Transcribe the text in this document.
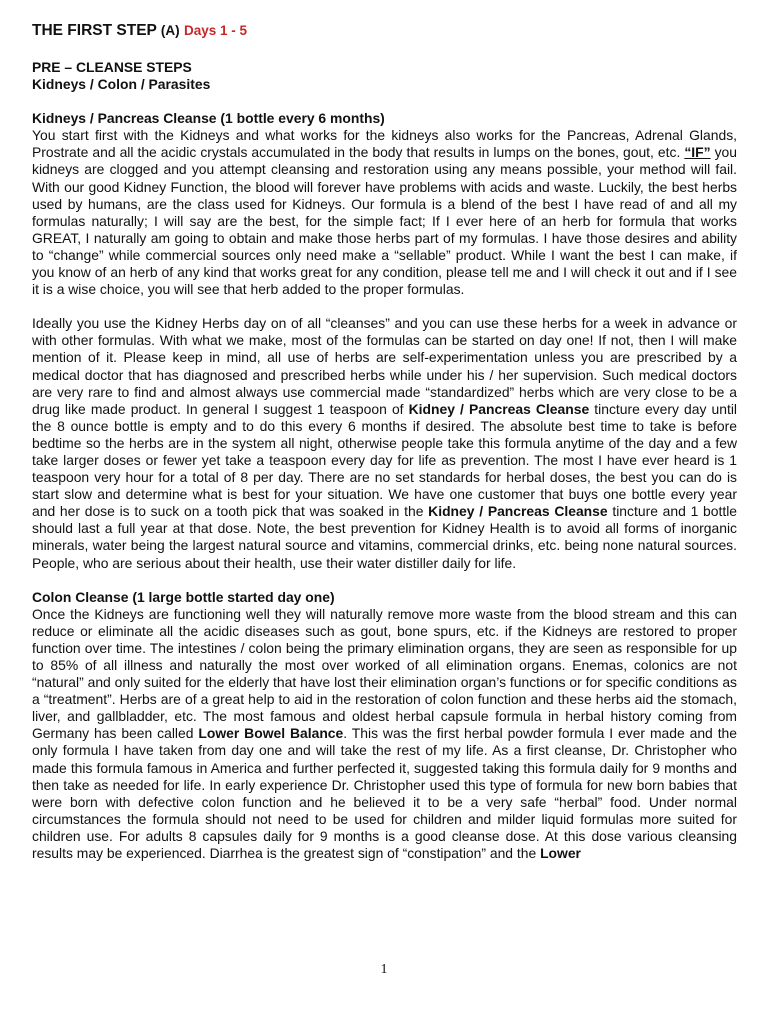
THE FIRST STEP (A) Days 1 - 5
PRE – CLEANSE STEPS
Kidneys / Colon / Parasites
Kidneys / Pancreas Cleanse (1 bottle every 6 months)

You start first with the Kidneys and what works for the kidneys also works for the Pancreas, Adrenal Glands, Prostrate and all the acidic crystals accumulated in the body that results in lumps on the bones, gout, etc. “IF” you kidneys are clogged and you attempt cleansing and restoration using any means possible, your method will fail. With our good Kidney Function, the blood will forever have problems with acids and waste. Luckily, the best herbs used by humans, are the class used for Kidneys. Our formula is a blend of the best I have read of and all my formulas naturally; I will say are the best, for the simple fact; If I ever here of an herb for formula that works GREAT, I naturally am going to obtain and make those herbs part of my formulas. I have those desires and ability to “change” while commercial sources only need make a “sellable” product. While I want the best I can make, if you know of an herb of any kind that works great for any condition, please tell me and I will check it out and if I see it is a wise choice, you will see that herb added to the proper formulas.

Ideally you use the Kidney Herbs day on of all “cleanses” and you can use these herbs for a week in advance or with other formulas. With what we make, most of the formulas can be started on day one! If not, then I will make mention of it. Please keep in mind, all use of herbs are self-experimentation unless you are prescribed by a medical doctor that has diagnosed and prescribed herbs while under his / her supervision. Such medical doctors are very rare to find and almost always use commercial made “standardized” herbs which are very close to be a drug like made product. In general I suggest 1 teaspoon of Kidney / Pancreas Cleanse tincture every day until the 8 ounce bottle is empty and to do this every 6 months if desired. The absolute best time to take is before bedtime so the herbs are in the system all night, otherwise people take this formula anytime of the day and a few take larger doses or fewer yet take a teaspoon every day for life as prevention. The most I have ever heard is 1 teaspoon very hour for a total of 8 per day. There are no set standards for herbal doses, the best you can do is start slow and determine what is best for your situation. We have one customer that buys one bottle every year and her dose is to suck on a tooth pick that was soaked in the Kidney / Pancreas Cleanse tincture and 1 bottle should last a full year at that dose. Note, the best prevention for Kidney Health is to avoid all forms of inorganic minerals, water being the largest natural source and vitamins, commercial drinks, etc. being none natural sources. People, who are serious about their health, use their water distiller daily for life.

Colon Cleanse (1 large bottle started day one)

Once the Kidneys are functioning well they will naturally remove more waste from the blood stream and this can reduce or eliminate all the acidic diseases such as gout, bone spurs, etc. if the Kidneys are restored to proper function over time. The intestines / colon being the primary elimination organs, they are seen as responsible for up to 85% of all illness and naturally the most over worked of all elimination organs. Enemas, colonics are not “natural” and only suited for the elderly that have lost their elimination organ’s functions or for specific conditions as a “treatment”. Herbs are of a great help to aid in the restoration of colon function and these herbs aid the stomach, liver, and gallbladder, etc. The most famous and oldest herbal capsule formula in herbal history coming from Germany has been called Lower Bowel Balance. This was the first herbal powder formula I ever made and the only formula I have taken from day one and will take the rest of my life. As a first cleanse, Dr. Christopher who made this formula famous in America and further perfected it, suggested taking this formula daily for 9 months and then take as needed for life. In early experience Dr. Christopher used this type of formula for new born babies that were born with defective colon function and he believed it to be a very safe “herbal” food. Under normal circumstances the formula should not need to be used for children and milder liquid formulas more suited for children use. For adults 8 capsules daily for 9 months is a good cleanse dose. At this dose various cleansing results may be experienced. Diarrhea is the greatest sign of “constipation” and the Lower

1
